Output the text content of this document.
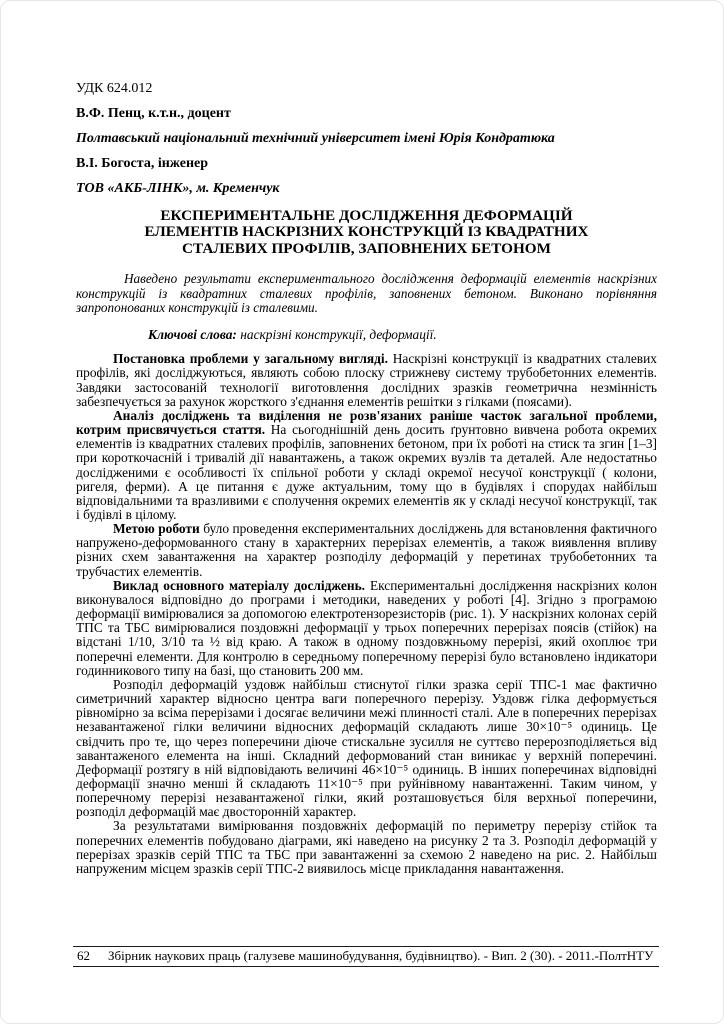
УДК 624.012
В.Ф. Пенц, к.т.н., доцент
Полтавський національний технічний університет імені Юрія Кондратюка
В.І. Богоста, інженер
ТОВ «АКБ-ЛІНК», м. Кременчук
ЕКСПЕРИМЕНТАЛЬНЕ ДОСЛІДЖЕННЯ ДЕФОРМАЦІЙ
ЕЛЕМЕНТІВ НАСКРІЗНИХ КОНСТРУКЦІЙ ІЗ КВАДРАТНИХ
СТАЛЕВИХ ПРОФІЛІВ, ЗАПОВНЕНИХ БЕТОНОМ

Наведено результати експериментального дослідження деформацій елементів наскрізних конструкцій із квадратних сталевих профілів, заповнених бетоном. Виконано порівняння запропонованих конструкцій із сталевими.

Ключові слова: наскрізні конструкції, деформації.

Постановка проблеми у загальному вигляді. Наскрізні конструкції із квадратних сталевих профілів, які досліджуються, являють собою плоску стрижневу систему трубобетонних елементів. Завдяки застосованій технології виготовлення дослідних зразків геометрична незмінність забезпечується за рахунок жорсткого з'єднання елементів решітки з гілками (поясами).

Аналіз досліджень та виділення не розв'язаних раніше часток загальної проблеми, котрим присвячується стаття. На сьогоднішній день досить ґрунтовно вивчена робота окремих елементів із квадратних сталевих профілів, заповнених бетоном, при їх роботі на стиск та згин [1–3] при короткочасній і тривалій дії навантажень, а також окремих вузлів та деталей. Але недостатньо дослідженими є особливості їх спільної роботи у складі окремої несучої конструкції ( колони, ригеля, ферми). А це питання є дуже актуальним, тому що в будівлях і спорудах найбільш відповідальними та вразливими є сполучення окремих елементів як у складі несучої конструкції, так і будівлі в цілому.

Метою роботи було проведення експериментальних досліджень для встановлення фактичного напружено-деформованного стану в характерних перерізах елементів, а також виявлення впливу різних схем завантаження на характер розподілу деформацій у перетинах трубобетонних та трубчастих елементів.

Виклад основного матеріалу досліджень. Експериментальні дослідження наскрізних колон виконувалося відповідно до програми і методики, наведених у роботі [4]. Згідно з програмою деформації вимірювалися за допомогою електротензорезисторів (рис. 1). У наскрізних колонах серій ТПС та ТБС вимірювалися поздовжні деформації у трьох поперечних перерізах поясів (стійок) на відстані 1/10, 3/10 та ½ від краю. А також в одному поздовжньому перерізі, який охоплює три поперечні елементи. Для контролю в середньому поперечному перерізі було встановлено індикатори годинникового типу на базі, що становить 200 мм.

Розподіл деформацій уздовж найбільш стиснутої гілки зразка серії ТПС-1 має фактично симетричний характер відносно центра ваги поперечного перерізу. Уздовж гілка деформується рівномірно за всіма перерізами і досягає величини межі плинності сталі. Але в поперечних перерізах незавантаженої гілки величини відносних деформацій складають лише 30×10⁻⁵ одиниць. Це свідчить про те, що через поперечини діюче стискальне зусилля не суттєво перерозподіляється від завантаженого елемента на інші. Складний деформований стан виникає у верхній поперечині. Деформації розтягу в ній відповідають величині 46×10⁻⁵ одиниць. В інших поперечинах відповідні деформації значно менші й складають 11×10⁻⁵ при руйнівному навантаженні. Таким чином, у поперечному перерізі незавантаженої гілки, який розташовується біля верхньої поперечини, розподіл деформацій має двосторонній характер.

За результатами вимірювання поздовжніх деформацій по периметру перерізу стійок та поперечних елементів побудовано діаграми, які наведено на рисунку 2 та 3. Розподіл деформацій у перерізах зразків серій ТПС та ТБС при завантаженні за схемою 2 наведено на рис. 2. Найбільш напруженим місцем зразків серії ТПС-2 виявилось місце прикладання навантаження.

62 Збірник наукових праць (галузеве машинобудування, будівництво). - Вип. 2 (30). - 2011.-ПолтНТУ
